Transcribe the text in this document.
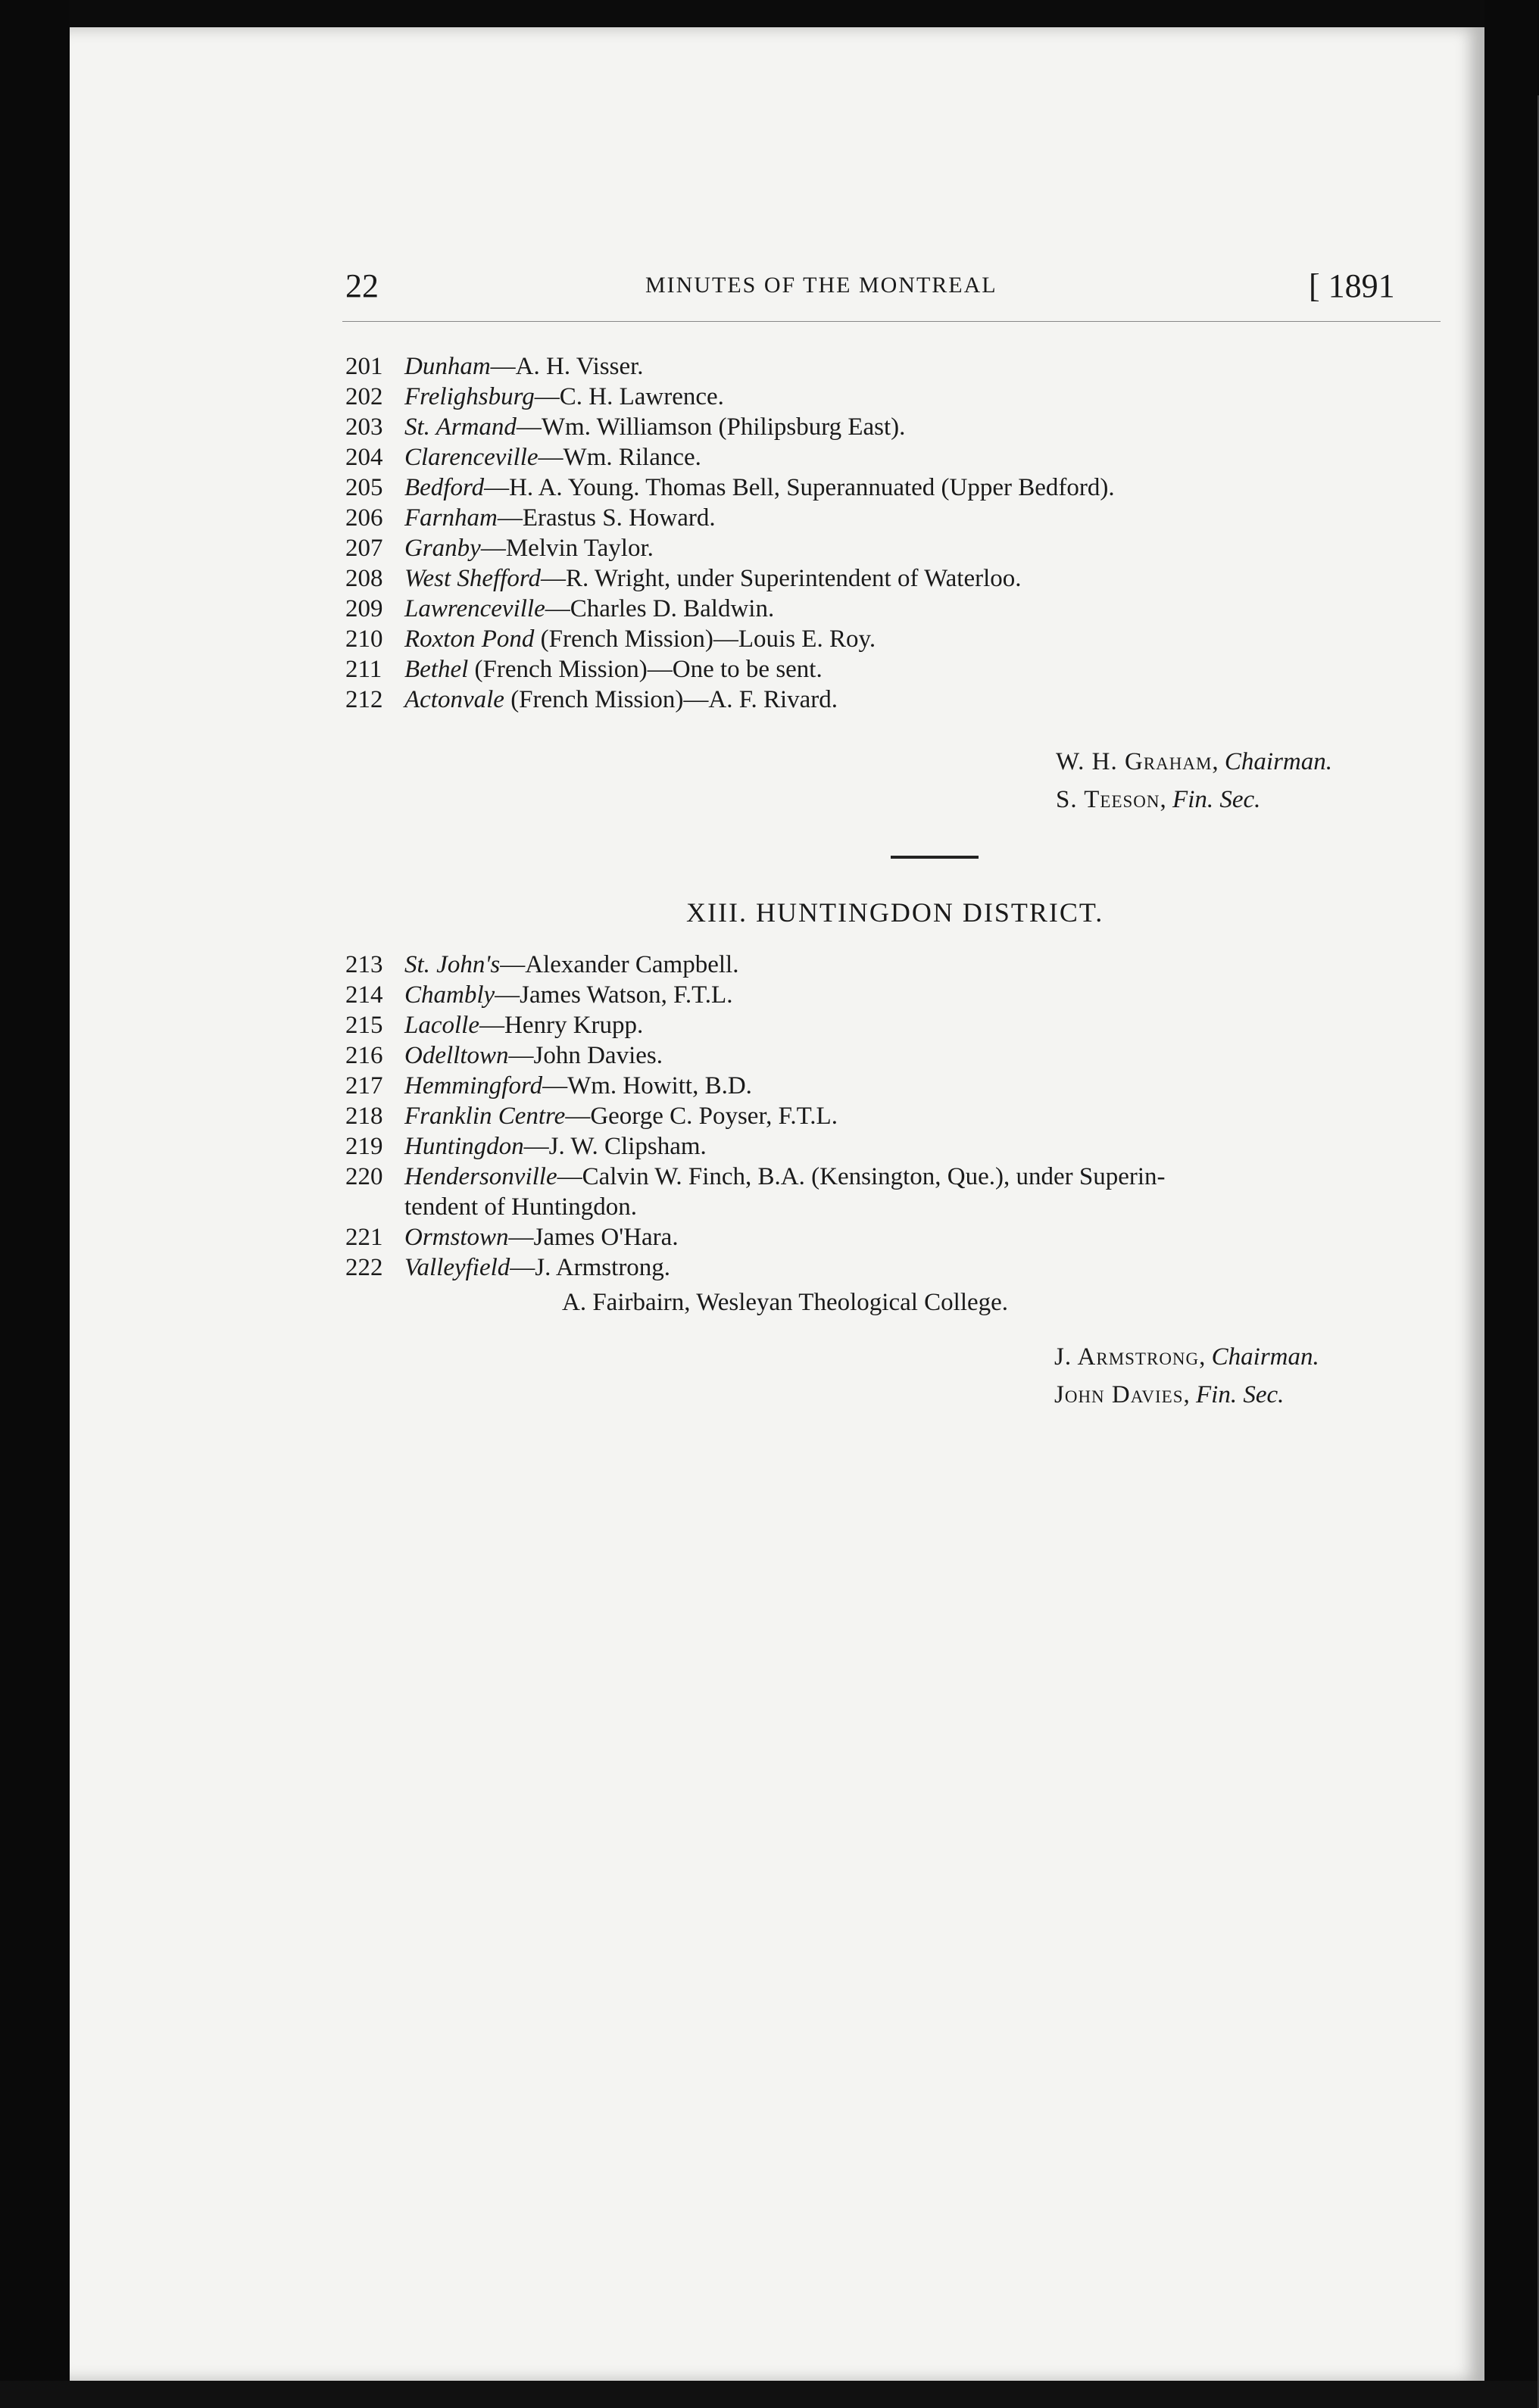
22	MINUTES OF THE MONTREAL	[ 1891
201 Dunham—A. H. Visser.
202 Frelighsburg—C. H. Lawrence.
203 St. Armand—Wm. Williamson (Philipsburg East).
204 Clarenceville—Wm. Rilance.
205 Bedford—H. A. Young. Thomas Bell, Superannuated (Upper Bedford).
206 Farnham—Erastus S. Howard.
207 Granby—Melvin Taylor.
208 West Shefford—R. Wright, under Superintendent of Waterloo.
209 Lawrenceville—Charles D. Baldwin.
210 Roxton Pond (French Mission)—Louis E. Roy.
211 Bethel (French Mission)—One to be sent.
212 Actonvale (French Mission)—A. F. Rivard.
W. H. Graham, Chairman.
S. Teeson, Fin. Sec.
XIII. HUNTINGDON DISTRICT.
213 St. John's—Alexander Campbell.
214 Chambly—James Watson, F.T.L.
215 Lacolle—Henry Krupp.
216 Odelltown—John Davies.
217 Hemmingford—Wm. Howitt, B.D.
218 Franklin Centre—George C. Poyser, F.T.L.
219 Huntingdon—J. W. Clipsham.
220 Hendersonville—Calvin W. Finch, B.A. (Kensington, Que.), under Superin-
tendent of Huntingdon.
221 Ormstown—James O'Hara.
222 Valleyfield—J. Armstrong.
A. Fairbairn, Wesleyan Theological College.
J. Armstrong, Chairman.
John Davies, Fin. Sec.
